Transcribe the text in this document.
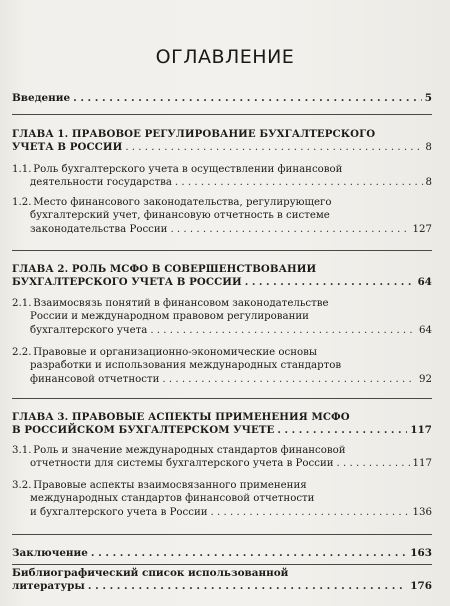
ОГЛАВЛЕНИЕ
Введение . . .	5
ГЛАВА 1. ПРАВОВОЕ РЕГУЛИРОВАНИЕ БУХГАЛТЕРСКОГО
УЧЕТА В РОССИИ . . .	8
1.1. Роль бухгалтерского учета в осуществлении финансовой
деятельности государства . . .	8
1.2. Место финансового законодательства, регулирующего
бухгалтерский учет, финансовую отчетность в системе
законодательства России . . .	127
ГЛАВА 2. РОЛЬ МСФО В СОВЕРШЕНСТВОВАНИИ
БУХГАЛТЕРСКОГО УЧЕТА В РОССИИ . . .	64
2.1. Взаимосвязь понятий в финансовом законодательстве
России и международном правовом регулировании
бухгалтерского учета . . .	64
2.2. Правовые и организационно-экономические основы
разработки и использования международных стандартов
финансовой отчетности . . .	92
ГЛАВА 3. ПРАВОВЫЕ АСПЕКТЫ ПРИМЕНЕНИЯ МСФО
В РОССИЙСКОМ БУХГАЛТЕРСКОМ УЧЕТЕ . . .	117
3.1. Роль и значение международных стандартов финансовой
отчетности для системы бухгалтерского учета в России . . .	117
3.2. Правовые аспекты взаимосвязанного применения
международных стандартов финансовой отчетности
и бухгалтерского учета в России . . .	136
Заключение . . .	163
Библиографический список использованной
литературы . . .	176
